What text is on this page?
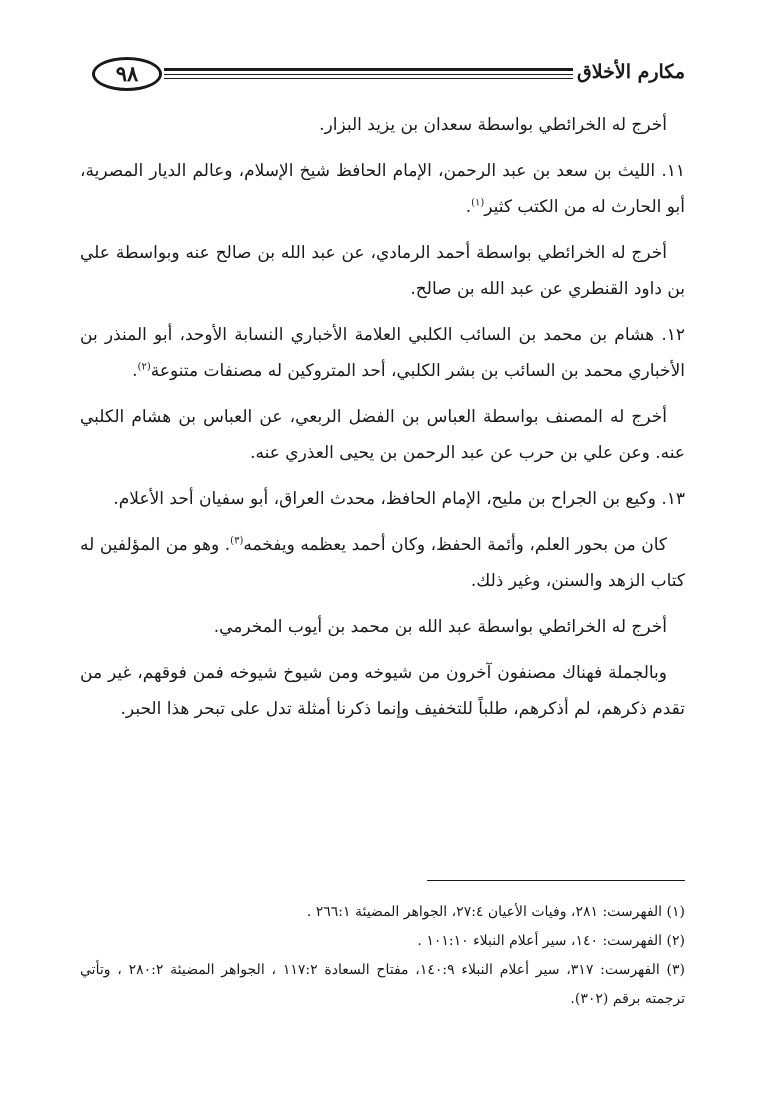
مكارم الأخلاق
٩٨

أخرج له الخرائطي بواسطة سعدان بن يزيد البزار.

١١. الليث بن سعد بن عبد الرحمن، الإمام الحافظ شيخ الإسلام، وعالم الديار المصرية، أبو الحارث له من الكتب كثير$^{(١)}$.

أخرج له الخرائطي بواسطة أحمد الرمادي، عن عبد الله بن صالح عنه وبواسطة علي بن داود القنطري عن عبد الله بن صالح.

١٢. هشام بن محمد بن السائب الكلبي العلامة الأخباري النسابة الأوحد، أبو المنذر بن الأخباري محمد بن السائب بن بشر الكلبي، أحد المتروكين له مصنفات متنوعة$^{(٢)}$.

أخرج له المصنف بواسطة العباس بن الفضل الربعي، عن العباس بن هشام الكلبي عنه. وعن علي بن حرب عن عبد الرحمن بن يحيى العذري عنه.

١٣. وكيع بن الجراح بن مليح، الإمام الحافظ، محدث العراق، أبو سفيان أحد الأعلام.

كان من بحور العلم، وأئمة الحفظ، وكان أحمد يعظمه ويفخمه$^{(٣)}$. وهو من المؤلفين له كتاب الزهد والسنن، وغير ذلك.

أخرج له الخرائطي بواسطة عبد الله بن محمد بن أيوب المخرمي.

وبالجملة فهناك مصنفون آخرون من شيوخه ومن شيوخ شيوخه فمن فوقهم، غير من تقدم ذكرهم، لم أذكرهم، طلباً للتخفيف وإنما ذكرنا أمثلة تدل على تبحر هذا الحبر.

(١) الفهرست: ٢٨١، وفيات الأعيان ٢٧:٤، الجواهر المضيئة ٢٦٦:١ .
(٢) الفهرست: ١٤٠، سير أعلام النبلاء ١٠١:١٠ .
(٣) الفهرست: ٣١٧، سير أعلام النبلاء ١٤٠:٩، مفتاح السعادة ١١٧:٢ ، الجواهر المضيئة ٢٨٠:٢ ، وتأتي ترجمته برقم (٣٠٢).
